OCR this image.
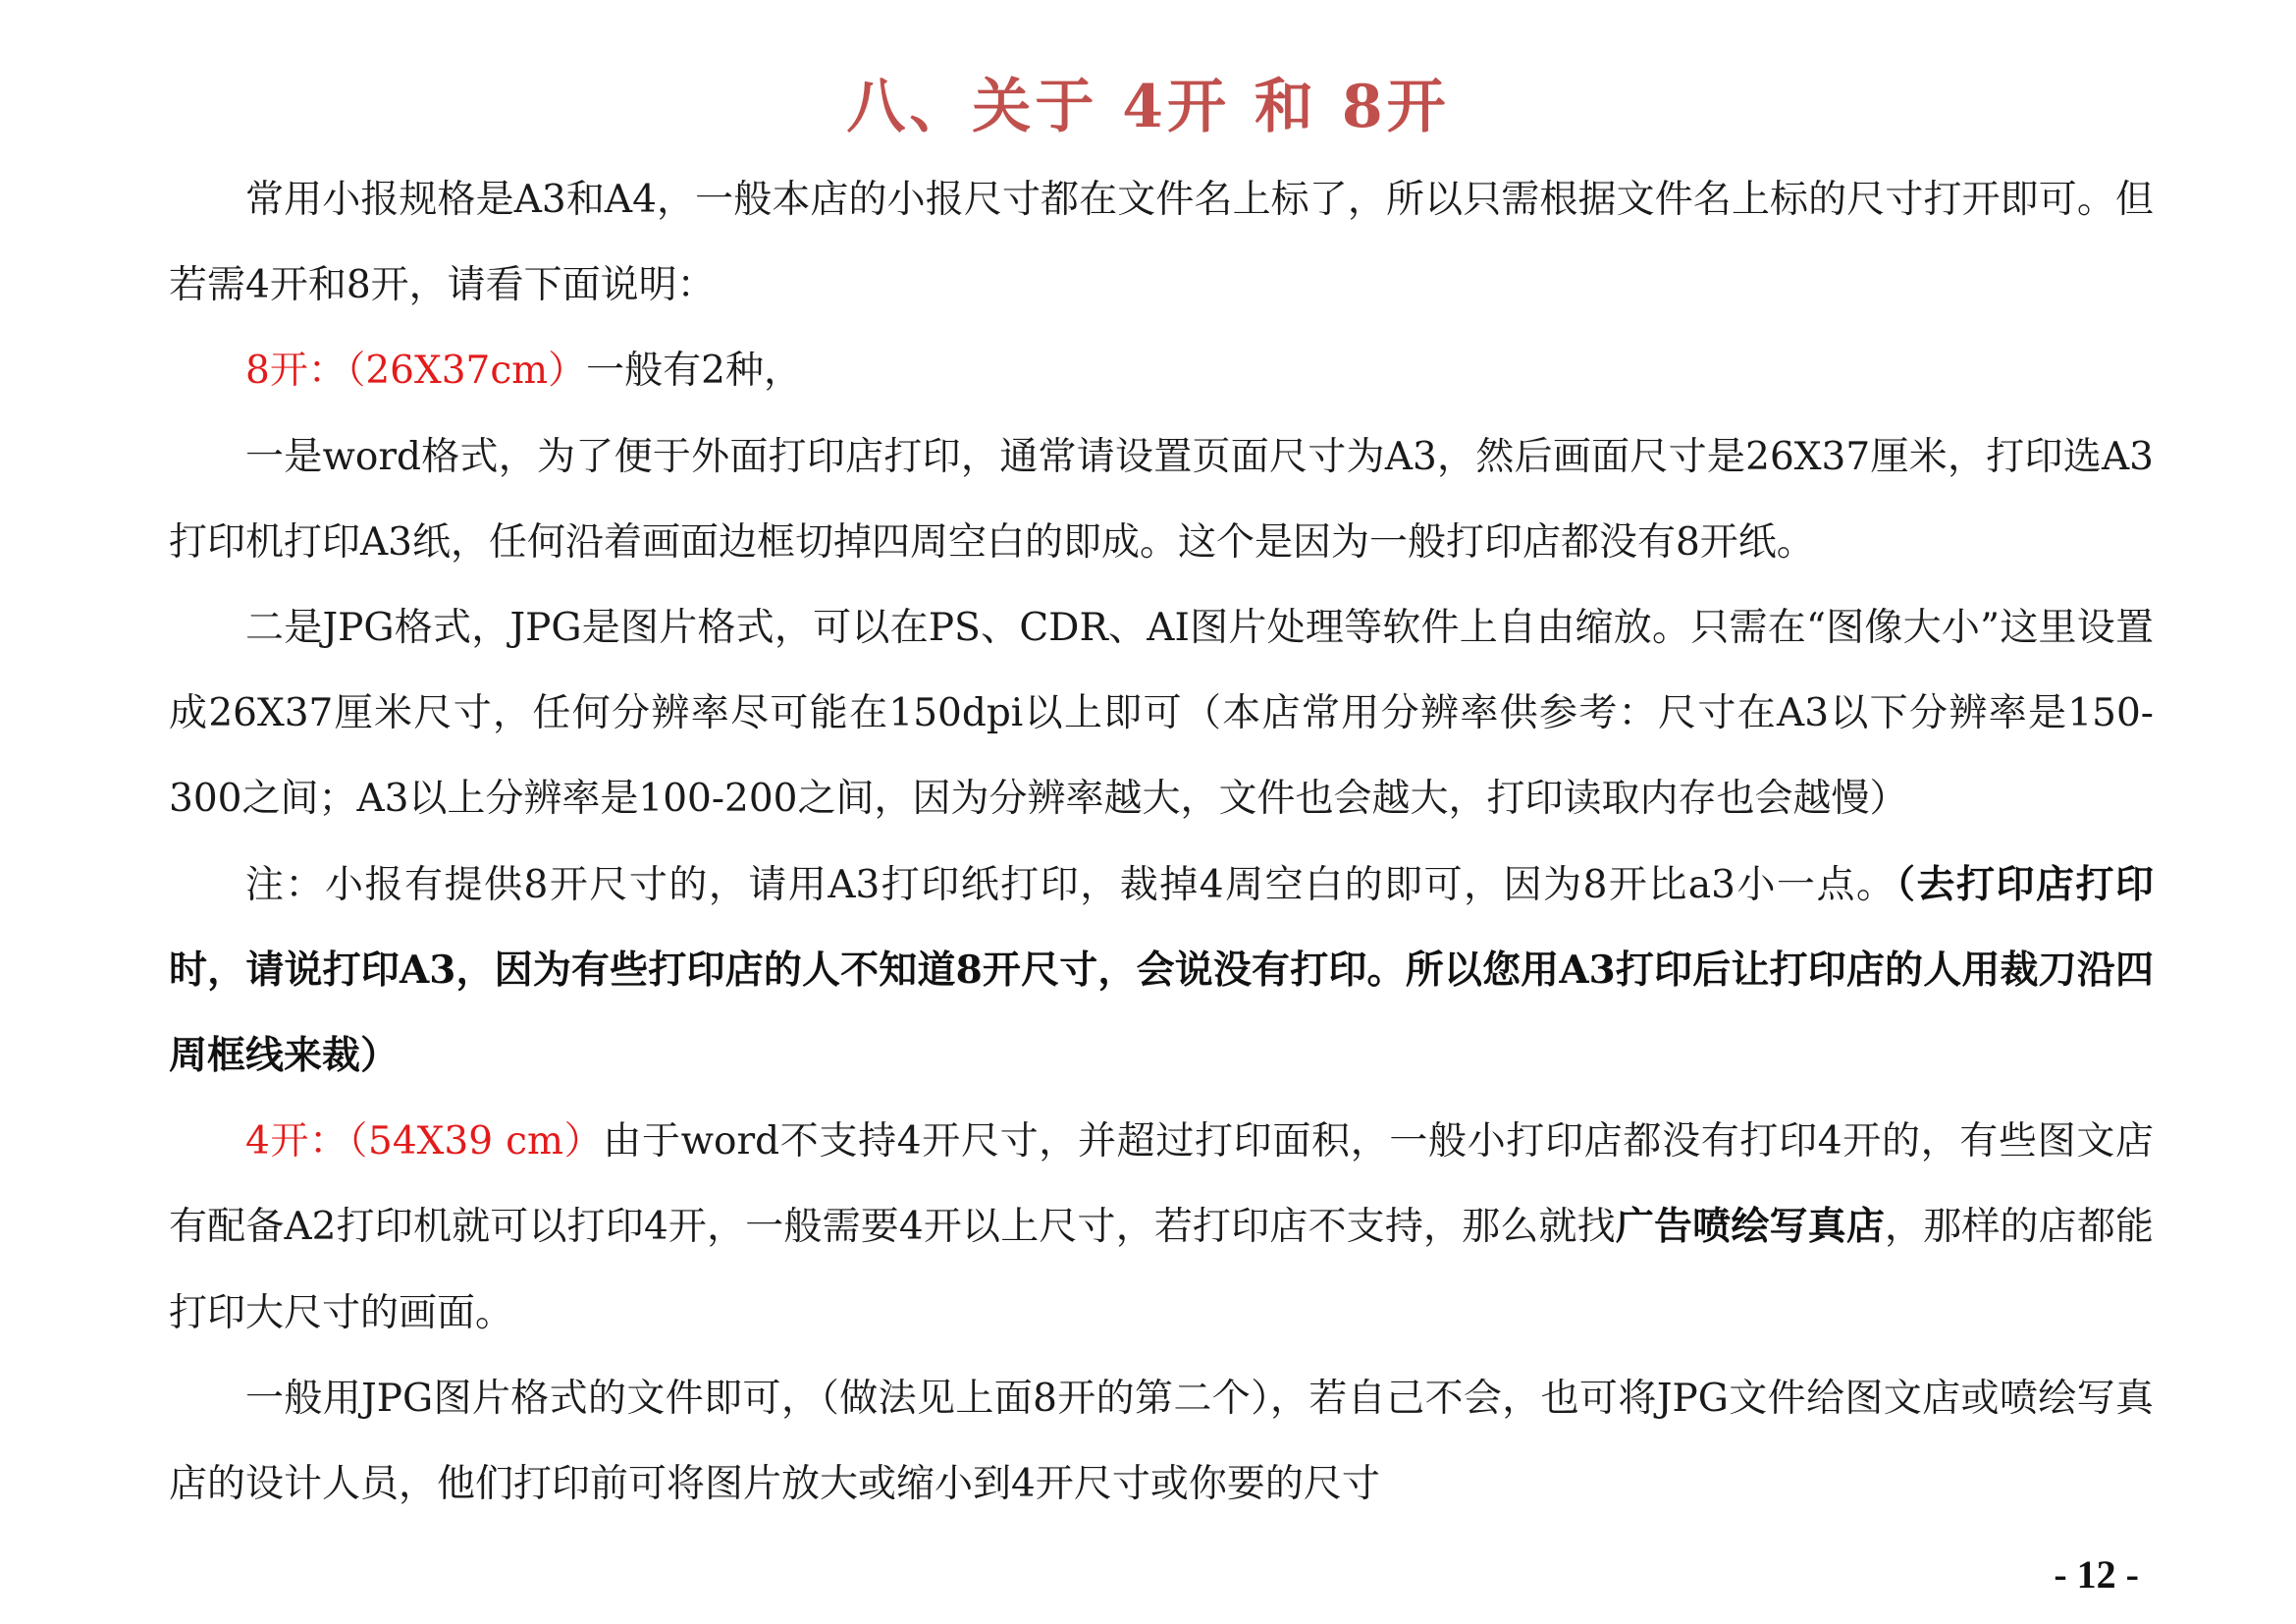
八、关于 4开 和 8开

常用小报规格是A3和A4，一般本店的小报尺寸都在文件名上标了，所以只需根据文件名上标的尺寸打开即可。但若需4开和8开，请看下面说明：

8开：（26X37cm）一般有2种，

一是word格式，为了便于外面打印店打印，通常请设置页面尺寸为A3，然后画面尺寸是26X37厘米，打印选A3打印机打印A3纸，任何沿着画面边框切掉四周空白的即成。这个是因为一般打印店都没有8开纸。

二是JPG格式，JPG是图片格式，可以在PS、CDR、AI图片处理等软件上自由缩放。只需在“图像大小”这里设置成26X37厘米尺寸，任何分辨率尽可能在150dpi以上即可（本店常用分辨率供参考：尺寸在A3以下分辨率是150-300之间；A3以上分辨率是100-200之间，因为分辨率越大，文件也会越大，打印读取内存也会越慢）

注：小报有提供8开尺寸的，请用A3打印纸打印，裁掉4周空白的即可，因为8开比a3小一点。（去打印店打印时，请说打印A3，因为有些打印店的人不知道8开尺寸，会说没有打印。所以您用A3打印后让打印店的人用裁刀沿四周框线来裁）

4开：（54X39 cm）由于word不支持4开尺寸，并超过打印面积，一般小打印店都没有打印4开的，有些图文店有配备A2打印机就可以打印4开，一般需要4开以上尺寸，若打印店不支持，那么就找广告喷绘写真店，那样的店都能打印大尺寸的画面。

一般用JPG图片格式的文件即可，（做法见上面8开的第二个），若自己不会，也可将JPG文件给图文店或喷绘写真店的设计人员，他们打印前可将图片放大或缩小到4开尺寸或你要的尺寸

- 12 -
